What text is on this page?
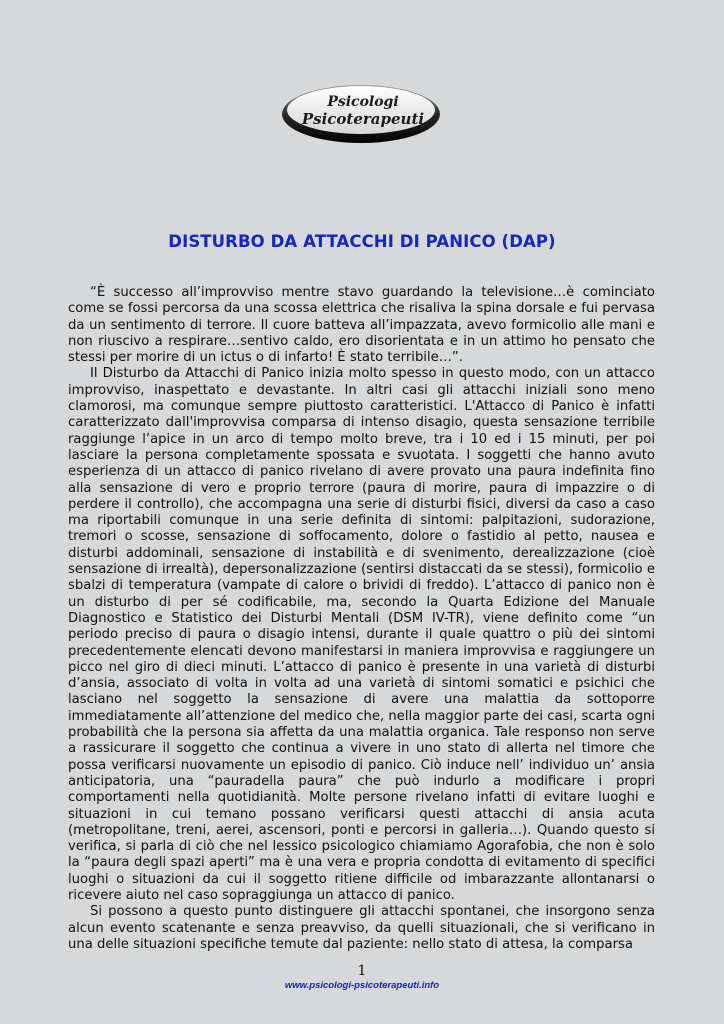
Psicologi
Psicoterapeuti
DISTURBO DA ATTACCHI DI PANICO (DAP)

“È successo all’improvviso mentre stavo guardando la televisione…è cominciato come se fossi percorsa da una scossa elettrica che risaliva la spina dorsale e fui pervasa da un sentimento di terrore. Il cuore batteva all’impazzata, avevo formicolio alle mani e non riuscivo a respirare…sentivo caldo, ero disorientata e in un attimo ho pensato che stessi per morire di un ictus o di infarto! È stato terribile…”.

Il Disturbo da Attacchi di Panico inizia molto spesso in questo modo, con un attacco improvviso, inaspettato e devastante. In altri casi gli attacchi iniziali sono meno clamorosi, ma comunque sempre piuttosto caratteristici. L'Attacco di Panico è infatti caratterizzato dall'improvvisa comparsa di intenso disagio, questa sensazione terribile raggiunge l’apice in un arco di tempo molto breve, tra i 10 ed i 15 minuti, per poi lasciare la persona completamente spossata e svuotata. I soggetti che hanno avuto esperienza di un attacco di panico rivelano di avere provato una paura indefinita fino alla sensazione di vero e proprio terrore (paura di morire, paura di impazzire o di perdere il controllo), che accompagna una serie di disturbi fisici, diversi da caso a caso ma riportabili comunque in una serie definita di sintomi: palpitazioni, sudorazione, tremori o scosse, sensazione di soffocamento, dolore o fastidio al petto, nausea e disturbi addominali, sensazione di instabilità e di svenimento, derealizzazione (cioè sensazione di irrealtà), depersonalizzazione (sentirsi distaccati da se stessi), formicolio e sbalzi di temperatura (vampate di calore o brividi di freddo). L’attacco di panico non è un disturbo di per sé codificabile, ma, secondo la Quarta Edizione del Manuale Diagnostico e Statistico dei Disturbi Mentali (DSM IV-TR), viene definito come “un periodo preciso di paura o disagio intensi, durante il quale quattro o più dei sintomi precedentemente elencati devono manifestarsi in maniera improvvisa e raggiungere un picco nel giro di dieci minuti. L’attacco di panico è presente in una varietà di disturbi d’ansia, associato di volta in volta ad una varietà di sintomi somatici e psichici che lasciano nel soggetto la sensazione di avere una malattia da sottoporre immediatamente all’attenzione del medico che, nella maggior parte dei casi, scarta ogni probabilità che la persona sia affetta da una malattia organica. Tale responso non serve a rassicurare il soggetto che continua a vivere in uno stato di allerta nel timore che possa verificarsi nuovamente un episodio di panico. Ciò induce nell’ individuo un’ ansia anticipatoria, una “pauradella paura” che può indurlo a modificare i propri comportamenti nella quotidianità. Molte persone rivelano infatti di evitare luoghi e situazioni in cui temano possano verificarsi questi attacchi di ansia acuta (metropolitane, treni, aerei, ascensori, ponti e percorsi in galleria…). Quando questo si verifica, si parla di ciò che nel lessico psicologico chiamiamo Agorafobia, che non è solo la “paura degli spazi aperti” ma è una vera e propria condotta di evitamento di specifici luoghi o situazioni da cui il soggetto ritiene difficile od imbarazzante allontanarsi o ricevere aiuto nel caso sopraggiunga un attacco di panico.

Si possono a questo punto distinguere gli attacchi spontanei, che insorgono senza alcun evento scatenante e senza preavviso, da quelli situazionali, che si verificano in una delle situazioni specifiche temute dal paziente: nello stato di attesa, la comparsa

1
www.psicologi-psicoterapeuti.info
